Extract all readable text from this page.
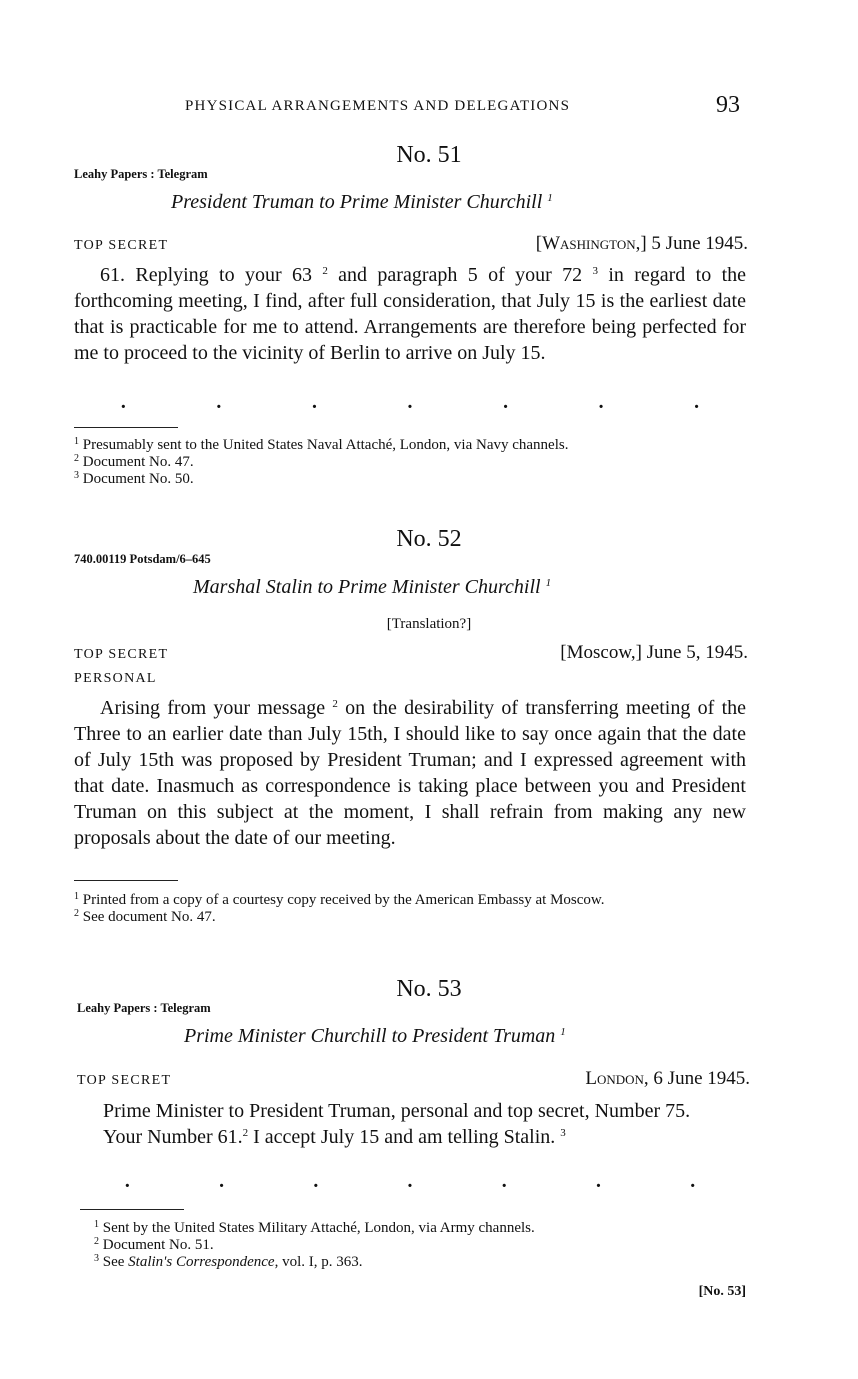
PHYSICAL ARRANGEMENTS AND DELEGATIONS	93
No. 51
Leahy Papers : Telegram
President Truman to Prime Minister Churchill $^1$
TOP SECRET	[Washington,] 5 June 1945.

61. Replying to your 63 $^2$ and paragraph 5 of your 72 $^3$ in regard to the forthcoming meeting, I find, after full consideration, that July 15 is the earliest date that is practicable for me to attend. Arrangements are therefore being perfected for me to proceed to the vicinity of Berlin to arrive on July 15.

·	·	·	·	·	·	·
$^1$ Presumably sent to the United States Naval Attaché, London, via Navy channels.
$^2$ Document No. 47.
$^3$ Document No. 50.
No. 52
740.00119 Potsdam/6–645
Marshal Stalin to Prime Minister Churchill $^1$
[Translation?]
TOP SECRET	[Moscow,] June 5, 1945.
PERSONAL

Arising from your message $^2$ on the desirability of transferring meeting of the Three to an earlier date than July 15th, I should like to say once again that the date of July 15th was proposed by President Truman; and I expressed agreement with that date. Inasmuch as correspondence is taking place between you and President Truman on this subject at the moment, I shall refrain from making any new proposals about the date of our meeting.

$^1$ Printed from a copy of a courtesy copy received by the American Embassy at Moscow.
$^2$ See document No. 47.
No. 53
Leahy Papers : Telegram
Prime Minister Churchill to President Truman $^1$
TOP SECRET	London, 6 June 1945.

Prime Minister to President Truman, personal and top secret, Number 75.

Your Number 61.$^2$ I accept July 15 and am telling Stalin. $^3$

·	·	·	·	·	·	·
$^1$ Sent by the United States Military Attaché, London, via Army channels.
$^2$ Document No. 51.
$^3$ See Stalin's Correspondence, vol. I, p. 363.
[No. 53]
